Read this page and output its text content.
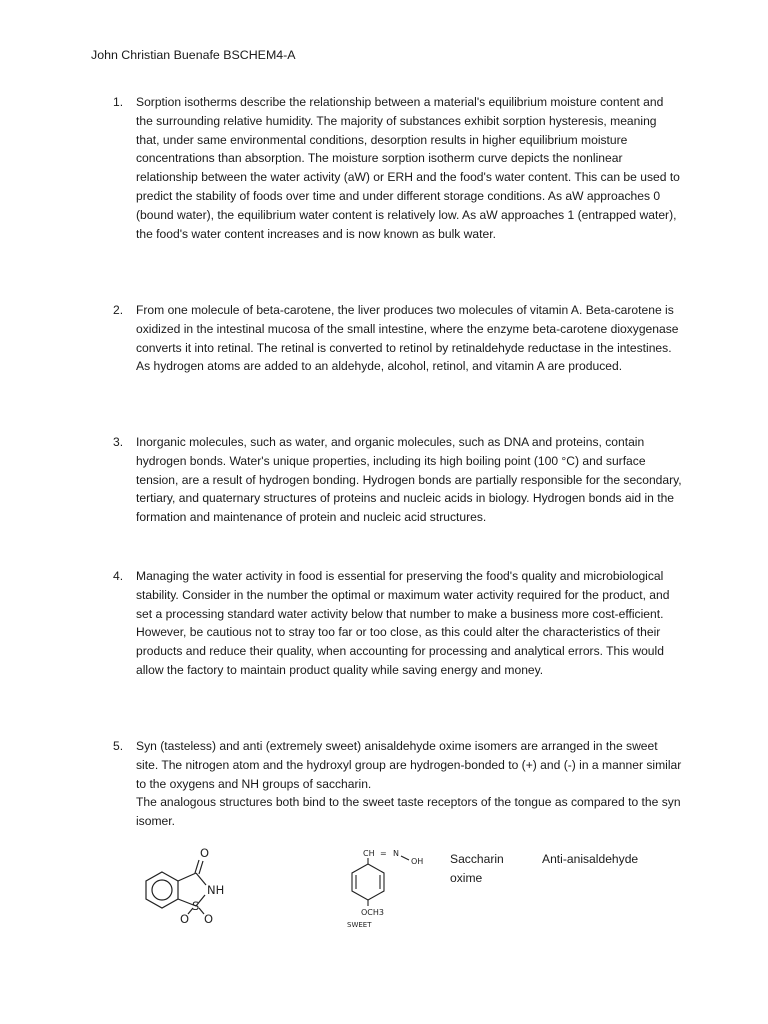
John Christian Buenafe BSCHEM4-A
1. Sorption isotherms describe the relationship between a material's equilibrium moisture content and the surrounding relative humidity. The majority of substances exhibit sorption hysteresis, meaning that, under same environmental conditions, desorption results in higher equilibrium moisture concentrations than absorption. The moisture sorption isotherm curve depicts the nonlinear relationship between the water activity (aW) or ERH and the food's water content. This can be used to predict the stability of foods over time and under different storage conditions. As aW approaches 0 (bound water), the equilibrium water content is relatively low. As aW approaches 1 (entrapped water), the food's water content increases and is now known as bulk water.

2. From one molecule of beta-carotene, the liver produces two molecules of vitamin A. Beta-carotene is oxidized in the intestinal mucosa of the small intestine, where the enzyme beta-carotene dioxygenase converts it into retinal. The retinal is converted to retinol by retinaldehyde reductase in the intestines. As hydrogen atoms are added to an aldehyde, alcohol, retinol, and vitamin A are produced.

3. Inorganic molecules, such as water, and organic molecules, such as DNA and proteins, contain hydrogen bonds. Water's unique properties, including its high boiling point (100 °C) and surface tension, are a result of hydrogen bonding. Hydrogen bonds are partially responsible for the secondary, tertiary, and quaternary structures of proteins and nucleic acids in biology. Hydrogen bonds aid in the formation and maintenance of protein and nucleic acid structures.

4. Managing the water activity in food is essential for preserving the food's quality and microbiological stability. Consider in the number the optimal or maximum water activity required for the product, and set a processing standard water activity below that number to make a business more cost-efficient. However, be cautious not to stray too far or too close, as this could alter the characteristics of their products and reduce their quality, when accounting for processing and analytical errors. This would allow the factory to maintain product quality while saving energy and money.

5. Syn (tasteless) and anti (extremely sweet) anisaldehyde oxime isomers are arranged in the sweet site. The nitrogen atom and the hydroxyl group are hydrogen-bonded to (+) and (-) in a manner similar to the oxygens and NH groups of saccharin.

The analogous structures both bind to the sweet taste receptors of the tongue as compared to the syn isomer.

O
NH
S
O O
CH = N
OH
OCH3
SWEET
Saccharin
oxime
Anti-anisaldehyde
